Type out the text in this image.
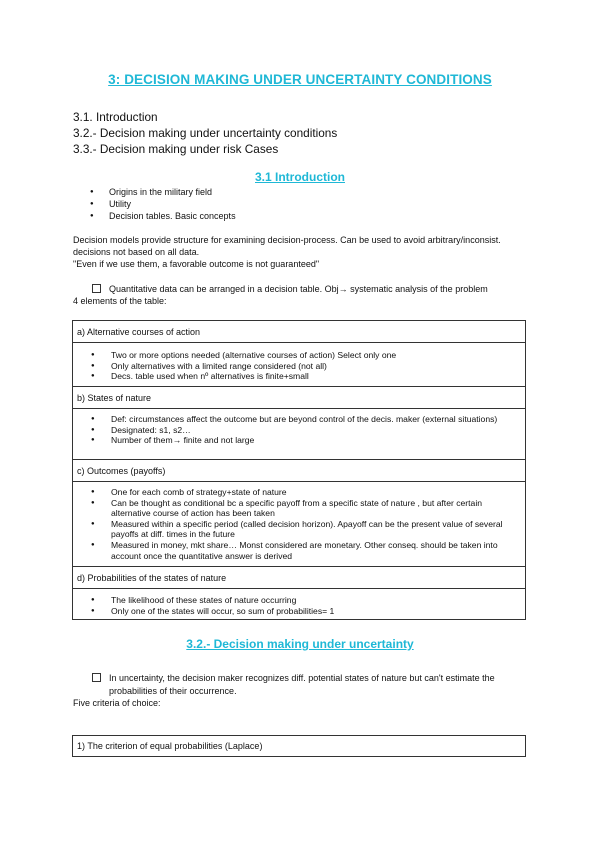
3: DECISION MAKING UNDER UNCERTAINTY CONDITIONS
3.1. Introduction
3.2.- Decision making under uncertainty conditions
3.3.- Decision making under risk Cases
3.1 Introduction
● Origins in the military field
● Utility
● Decision tables. Basic concepts
Decision models provide structure for examining decision-process. Can be used to avoid arbitrary/inconsist.
decisions not based on all data.
"Even if we use them, a favorable outcome is not guaranteed"
Quantitative data can be arranged in a decision table. Obj→ systematic analysis of the problem
4 elements of the table:
a) Alternative courses of action
● Two or more options needed (alternative courses of action) Select only one
● Only alternatives with a limited range considered (not all)
● Decs. table used when nº alternatives is finite+small
b) States of nature
● Def: circumstances affect the outcome but are beyond control of the decis. maker (external situations)
● Designated: s1, s2…
● Number of them→ finite and not large
c) Outcomes (payoffs)
● One for each comb of strategy+state of nature
● Can be thought as conditional bc a specific payoff from a specific state of nature , but after certain alternative course of action has been taken
● Measured within a specific period (called decision horizon). Apayoff can be the present value of several payoffs at diff. times in the future
● Measured in money, mkt share… Monst considered are monetary. Other conseq. should be taken into account once the quantitative answer is derived
d) Probabilities of the states of nature
● The likelihood of these states of nature occurring
● Only one of the states will occur, so sum of probabilities= 1
3.2.- Decision making under uncertainty
In uncertainty, the decision maker recognizes diff. potential states of nature but can't estimate the
probabilities of their occurrence.
Five criteria of choice:
1) The criterion of equal probabilities (Laplace)
